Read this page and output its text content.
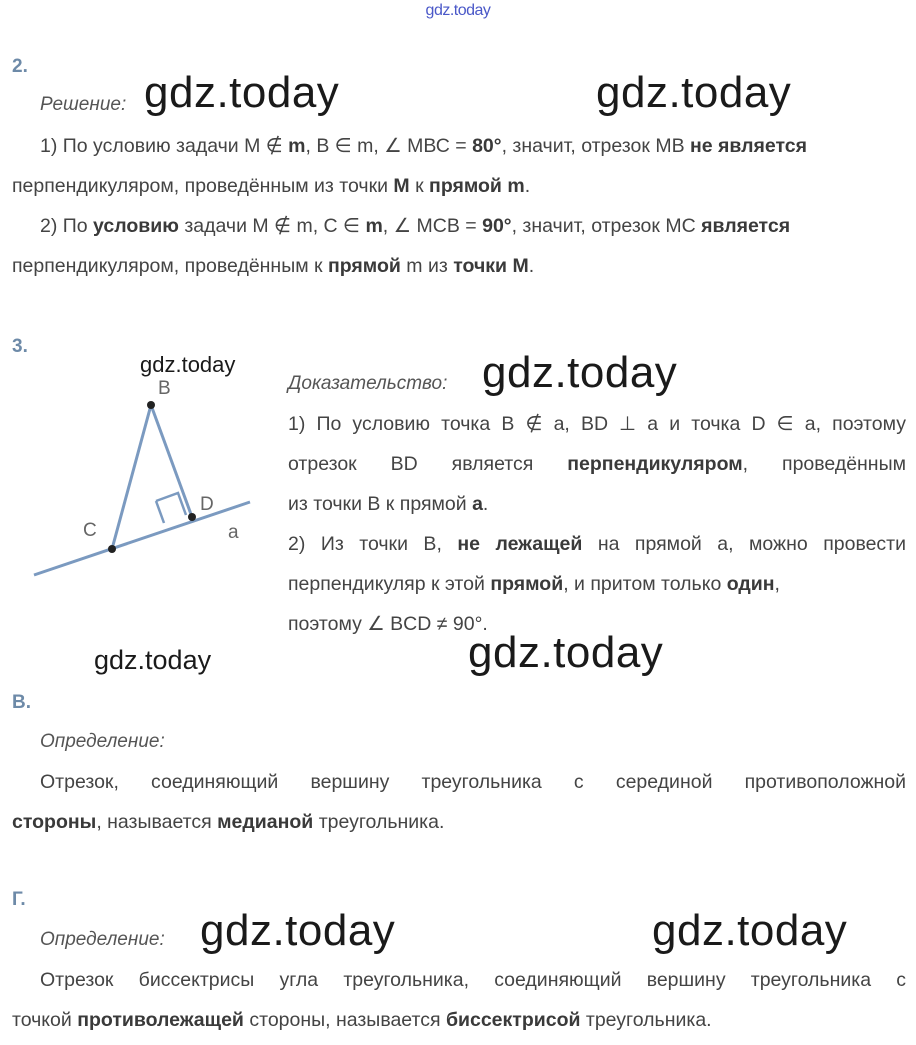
gdz.today
2.
Решение: gdz.today	gdz.today
1) По условию задачи М ∉ m, В ∈ m, ∠ МВС = 80°, значит, отрезок МВ не является
перпендикуляром, проведённым из точки М к прямой m.
2) По условию задачи М ∉ m, С ∈ m, ∠ МСВ = 90°, значит, отрезок МС является
перпендикуляром, проведённым к прямой m из точки М.
3.
gdz.today
B
C
D
a
Доказательство: gdz.today
1) По условию точка В ∉ а, BD ⊥ а и точка D ∈ а, поэтому
отрезок BD является перпендикуляром, проведённым
из точки В к прямой а.
2) Из точки В, не лежащей на прямой а, можно провести
перпендикуляр к этой прямой, и притом только один,
поэтому ∠ BCD ≠ 90°.
gdz.today	gdz.today
В.
Определение:
Отрезок, соединяющий вершину треугольника с серединой противоположной
стороны, называется медианой треугольника.
Г.
Определение: gdz.today	gdz.today
Отрезок биссектрисы угла треугольника, соединяющий вершину треугольника с
точкой противолежащей стороны, называется биссектрисой треугольника.
